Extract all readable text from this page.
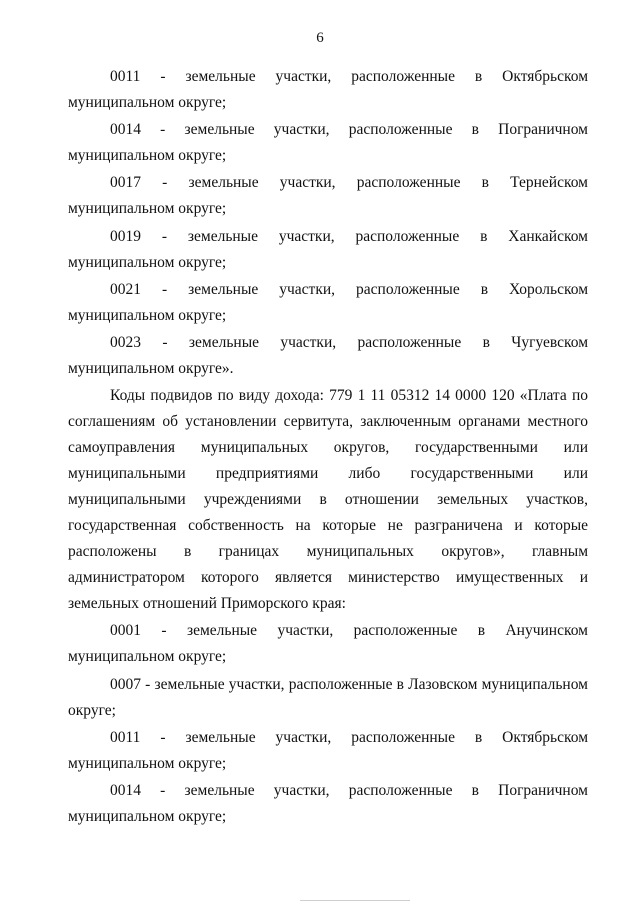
6

0011 - земельные участки, расположенные в Октябрьском муниципальном округе;

0014 - земельные участки, расположенные в Пограничном муниципальном округе;

0017 - земельные участки, расположенные в Тернейском муниципальном округе;

0019 - земельные участки, расположенные в Ханкайском муниципальном округе;

0021 - земельные участки, расположенные в Хорольском муниципальном округе;

0023 - земельные участки, расположенные в Чугуевском муниципальном округе».

Коды подвидов по виду дохода: 779 1 11 05312 14 0000 120 «Плата по соглашениям об установлении сервитута, заключенным органами местного самоуправления муниципальных округов, государственными или муниципальными предприятиями либо государственными или муниципальными учреждениями в отношении земельных участков, государственная собственность на которые не разграничена и которые расположены в границах муниципальных округов», главным администратором которого является министерство имущественных и земельных отношений Приморского края:

0001 - земельные участки, расположенные в Анучинском муниципальном округе;

0007 - земельные участки, расположенные в Лазовском муниципальном округе;

0011 - земельные участки, расположенные в Октябрьском муниципальном округе;

0014 - земельные участки, расположенные в Пограничном муниципальном округе;
